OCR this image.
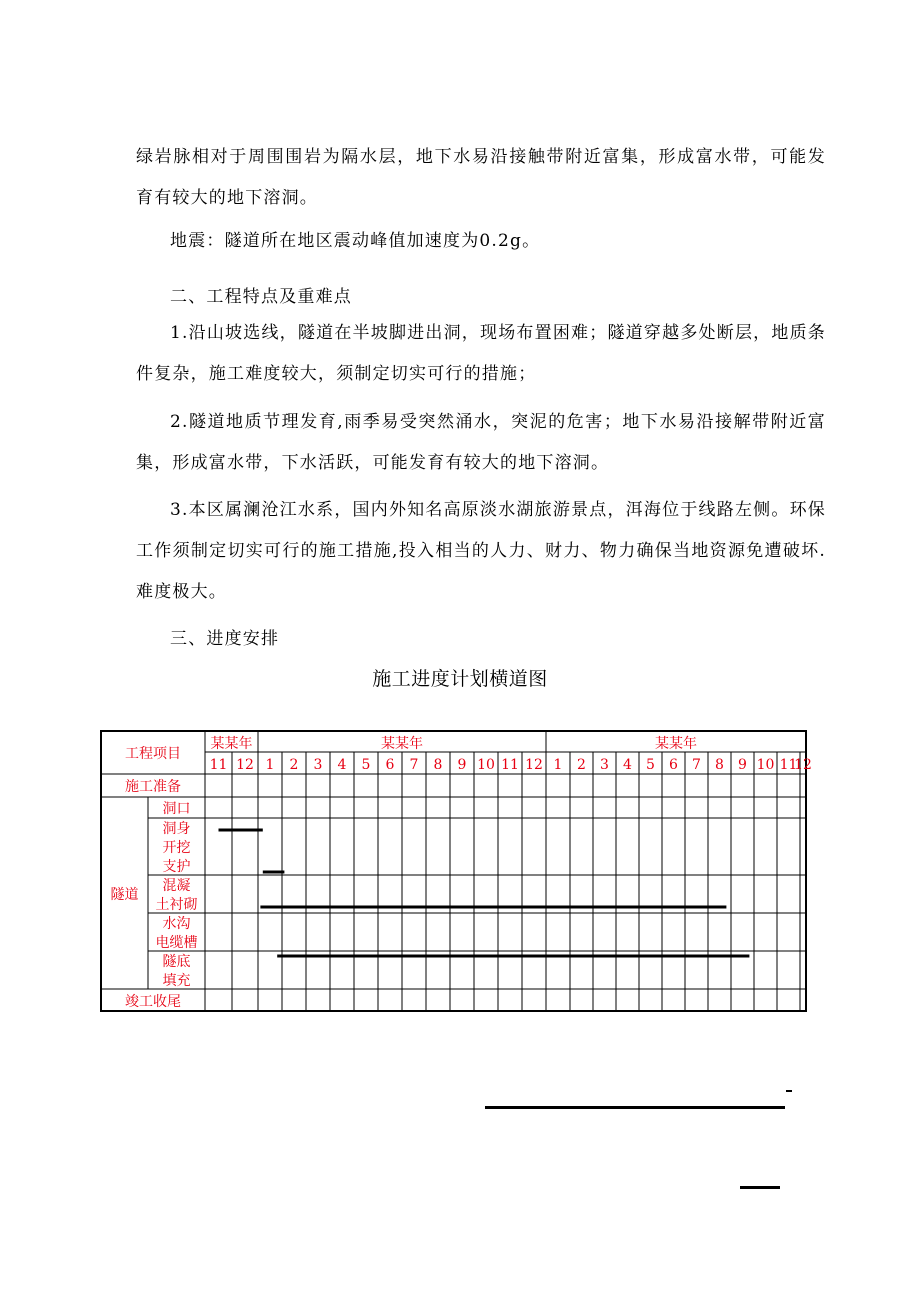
绿岩脉相对于周围围岩为隔水层，地下水易沿接触带附近富集，形成富水带，可能发育有较大的地下溶洞。

地震：隧道所在地区震动峰值加速度为0.2g。

二、工程特点及重难点

1.沿山坡选线，隧道在半坡脚进出洞，现场布置困难；隧道穿越多处断层，地质条件复杂，施工难度较大，须制定切实可行的措施；

2.隧道地质节理发育,雨季易受突然涌水，突泥的危害；地下水易沿接解带附近富集，形成富水带，下水活跃，可能发育有较大的地下溶洞。

3.本区属澜沧江水系，国内外知名高原淡水湖旅游景点，洱海位于线路左侧。环保工作须制定切实可行的施工措施,投入相当的人力、财力、物力确保当地资源免遭破坏.难度极大。

三、进度安排

施工进度计划横道图

某某年	某某年	某某年
11 12 1 2 3 4 5 6 7 8 9 10 11 12 1 2 3 4 5 6 7 8 9 10 11
12
工程项目
施工准备
隧道
洞口
洞身
开挖
支护
混凝
土衬砌
水沟
电缆槽
隧底
填充
竣工收尾
